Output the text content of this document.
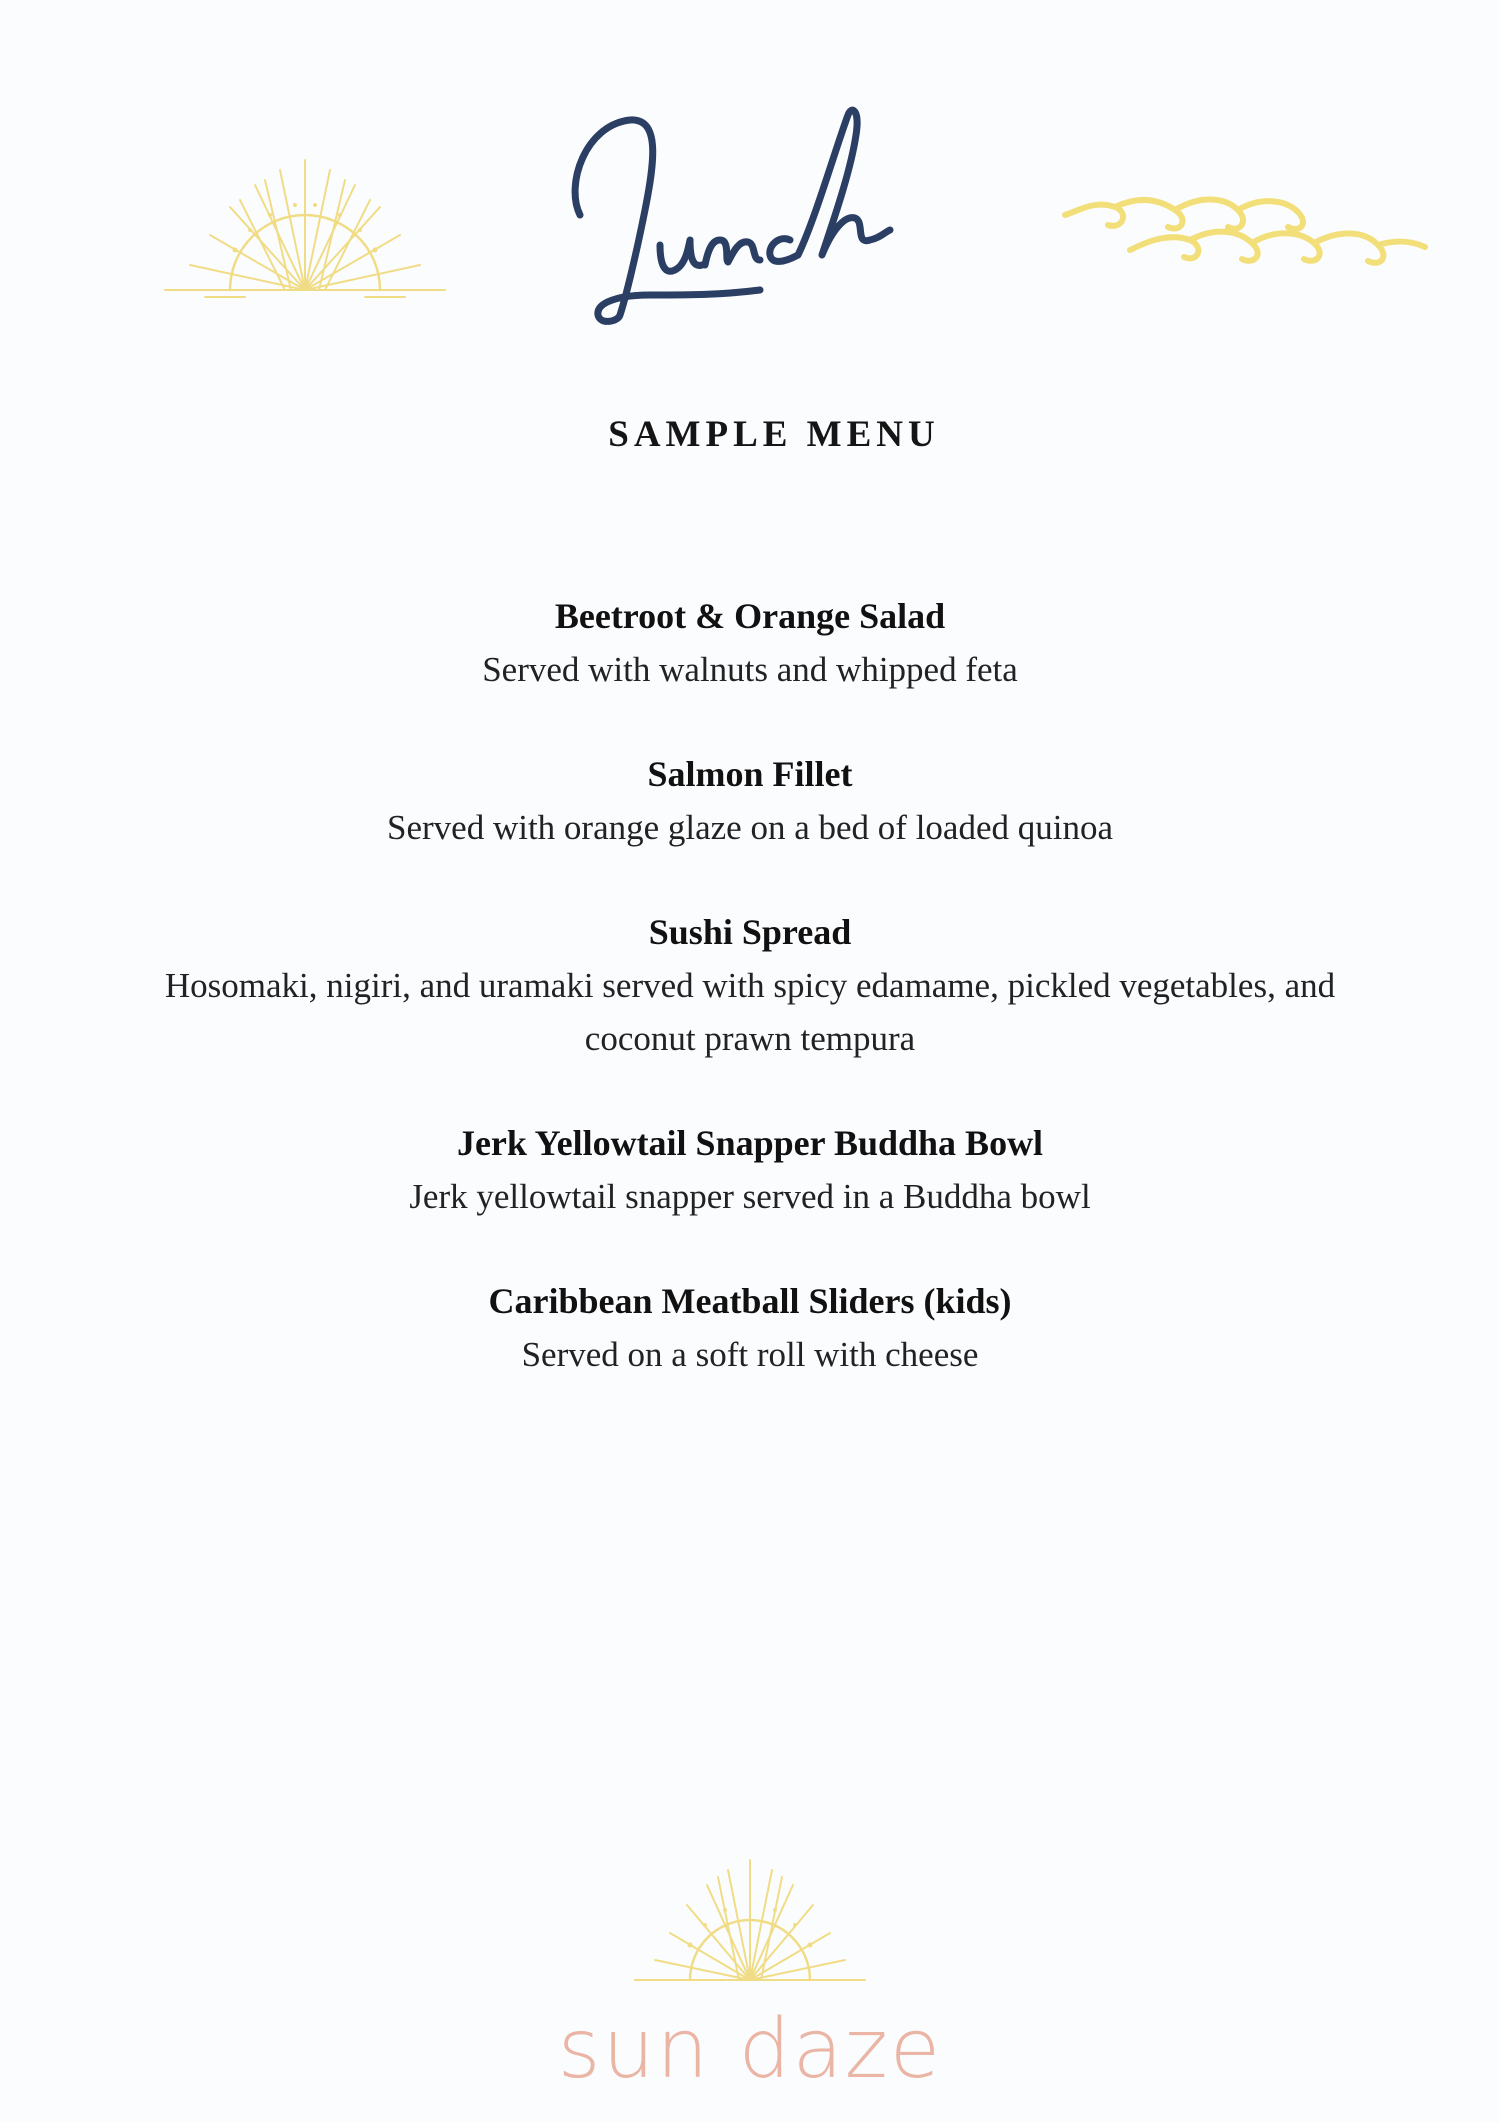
SAMPLE MENU
Beetroot & Orange Salad
Served with walnuts and whipped feta
Salmon Fillet
Served with orange glaze on a bed of loaded quinoa
Sushi Spread
Hosomaki, nigiri, and uramaki served with spicy edamame, pickled vegetables, and coconut prawn tempura
Jerk Yellowtail Snapper Buddha Bowl
Jerk yellowtail snapper served in a Buddha bowl
Caribbean Meatball Sliders (kids)
Served on a soft roll with cheese
sun daze
